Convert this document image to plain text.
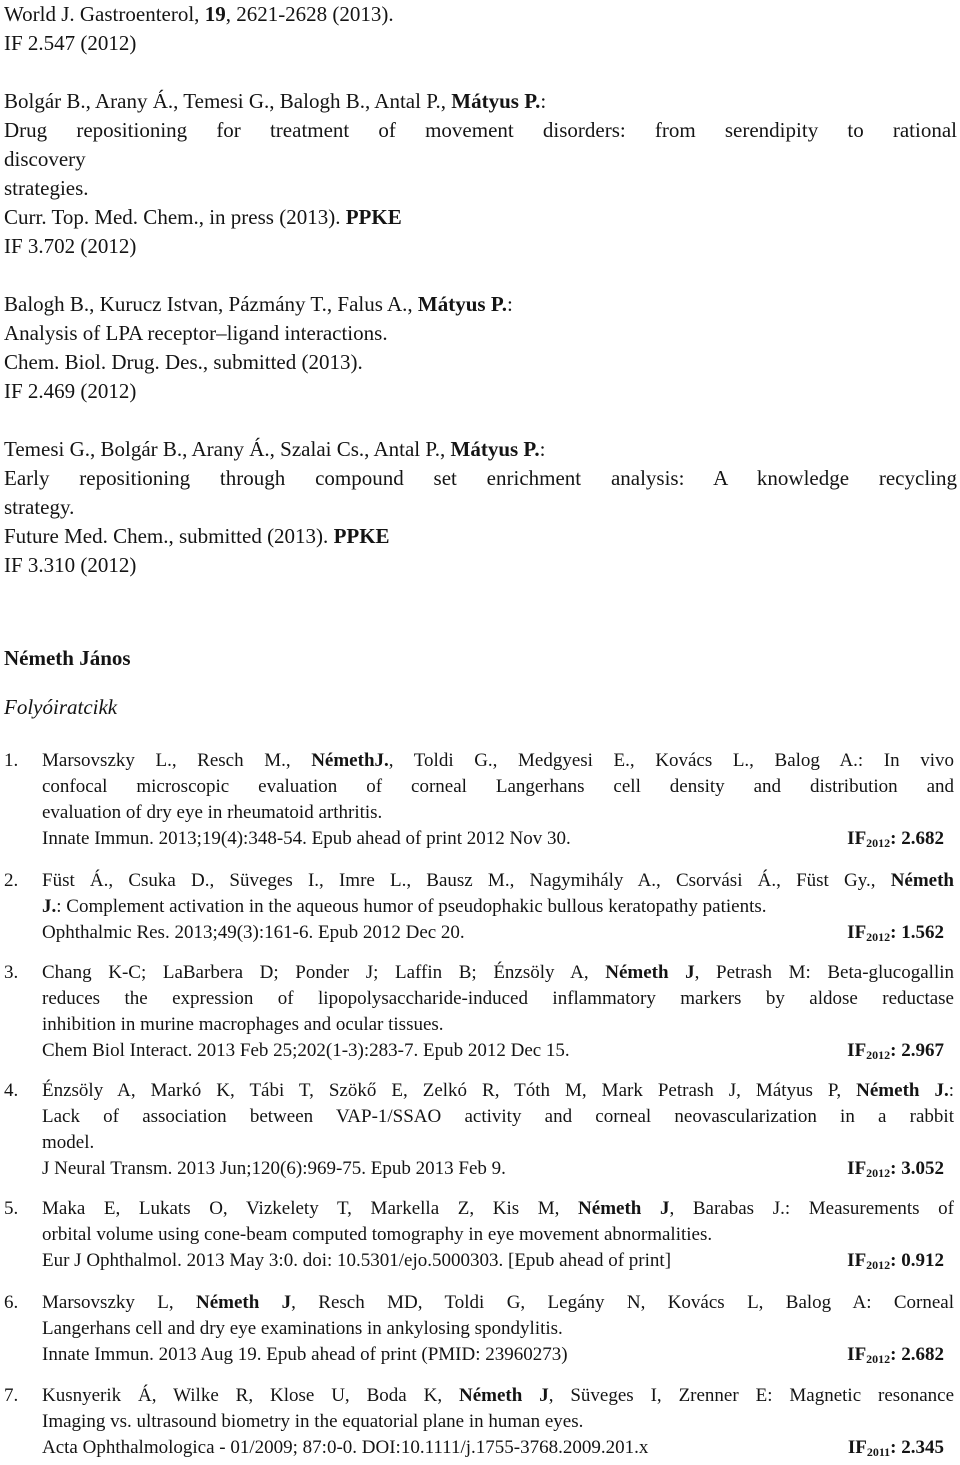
World J. Gastroenterol, 19, 2621-2628 (2013).
IF 2.547 (2012)
Bolgár B., Arany Á., Temesi G., Balogh B., Antal P., Mátyus P.:
Drug repositioning for treatment of movement disorders: from serendipity to rational
discovery
strategies.
Curr. Top. Med. Chem., in press (2013). PPKE
IF 3.702 (2012)
Balogh B., Kurucz Istvan, Pázmány T., Falus A., Mátyus P.:
Analysis of LPA receptor–ligand interactions.
Chem. Biol. Drug. Des., submitted (2013).
IF 2.469 (2012)
Temesi G., Bolgár B., Arany Á., Szalai Cs., Antal P., Mátyus P.:
Early repositioning through compound set enrichment analysis: A knowledge recycling
strategy.
Future Med. Chem., submitted (2013). PPKE
IF 3.310 (2012)
Németh János
Folyóiratcikk
1. Marsovszky L., Resch M., NémethJ., Toldi G., Medgyesi E., Kovács L., Balog A.: In vivo
confocal microscopic evaluation of corneal Langerhans cell density and distribution and
evaluation of dry eye in rheumatoid arthritis.
Innate Immun. 2013;19(4):348-54. Epub ahead of print 2012 Nov 30.	$IF_{2012}$: 2.682
2. Füst Á., Csuka D., Süveges I., Imre L., Bausz M., Nagymihály A., Csorvási Á., Füst Gy., Németh
J.: Complement activation in the aqueous humor of pseudophakic bullous keratopathy patients.
Ophthalmic Res. 2013;49(3):161-6. Epub 2012 Dec 20.	$IF_{2012}$: 1.562
3. Chang K-C; LaBarbera D; Ponder J; Laffin B; Énzsöly A, Németh J, Petrash M: Beta-glucogallin
reduces the expression of lipopolysaccharide-induced inflammatory markers by aldose reductase
inhibition in murine macrophages and ocular tissues.
Chem Biol Interact. 2013 Feb 25;202(1-3):283-7. Epub 2012 Dec 15.	$IF_{2012}$: 2.967
4. Énzsöly A, Markó K, Tábi T, Szökő E, Zelkó R, Tóth M, Mark Petrash J, Mátyus P, Németh J.:
Lack of association between VAP-1/SSAO activity and corneal neovascularization in a rabbit
model.
J Neural Transm. 2013 Jun;120(6):969-75. Epub 2013 Feb 9.	$IF_{2012}$: 3.052
5. Maka E, Lukats O, Vizkelety T, Markella Z, Kis M, Németh J, Barabas J.: Measurements of
orbital volume using cone-beam computed tomography in eye movement abnormalities.
Eur J Ophthalmol. 2013 May 3:0. doi: 10.5301/ejo.5000303. [Epub ahead of print]	$IF_{2012}$: 0.912
6. Marsovszky L, Németh J, Resch MD, Toldi G, Legány N, Kovács L, Balog A: Corneal
Langerhans cell and dry eye examinations in ankylosing spondylitis.
Innate Immun. 2013 Aug 19. Epub ahead of print (PMID: 23960273)	$IF_{2012}$: 2.682
7. Kusnyerik Á, Wilke R, Klose U, Boda K, Németh J, Süveges I, Zrenner E: Magnetic resonance
Imaging vs. ultrasound biometry in the equatorial plane in human eyes.
Acta Ophthalmologica - 01/2009; 87:0-0. DOI:10.1111/j.1755-3768.2009.201.x	$IF_{2011}$: 2.345
